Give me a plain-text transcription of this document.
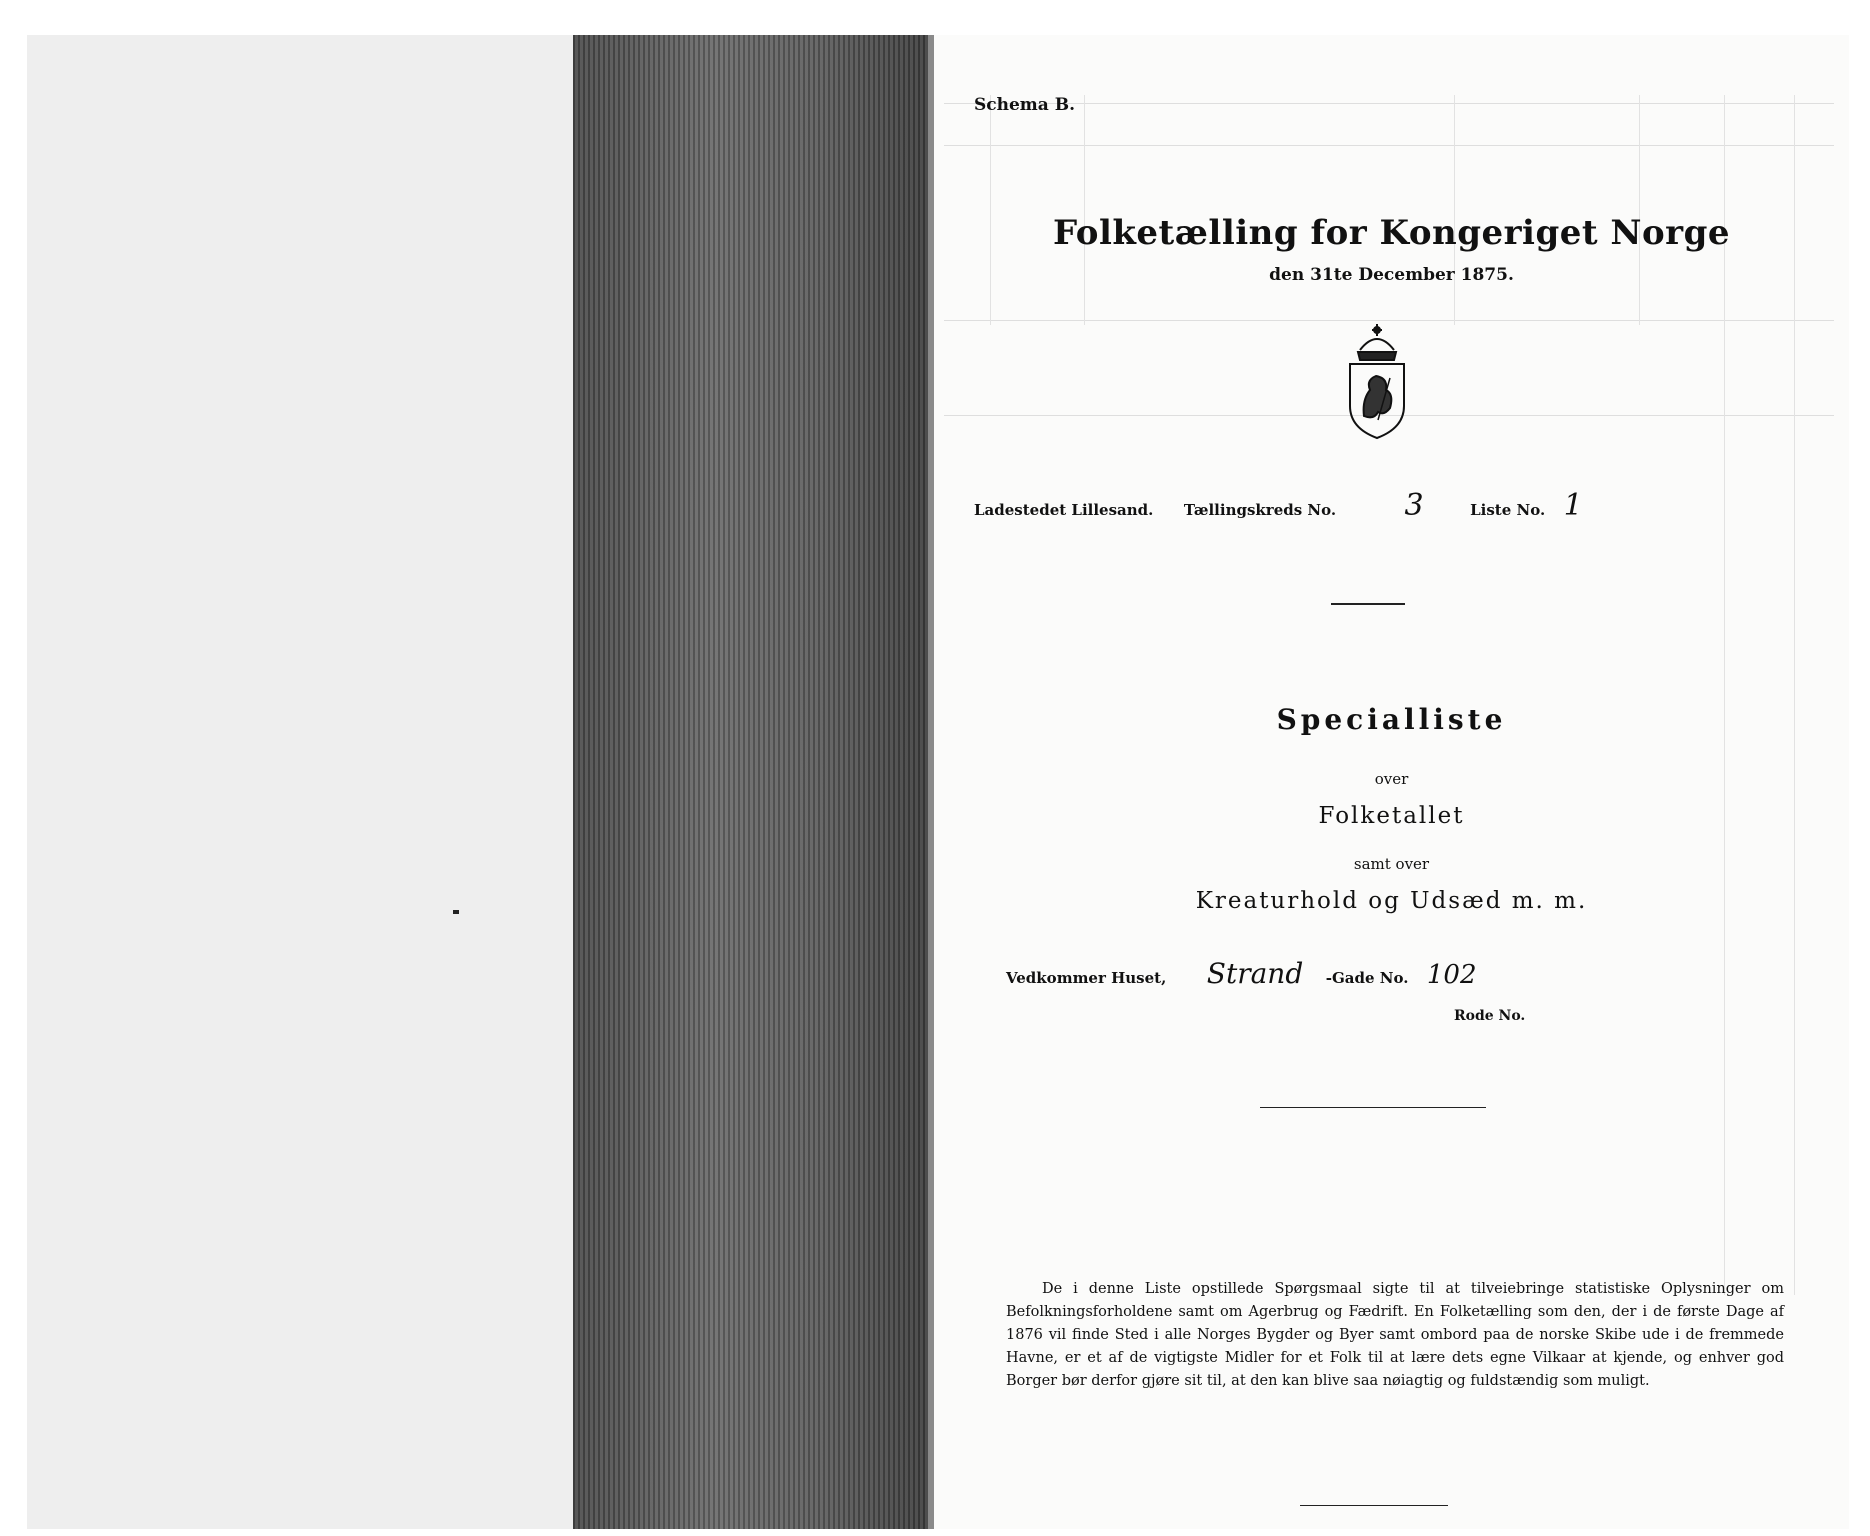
Schema B.
Folketælling for Kongeriget Norge
den 31te December 1875.
Ladestedet Lillesand. Tællingskreds No. 3	Liste No. 1
Specialliste
over
Folketallet
samt over
Kreaturhold og Udsæd m. m.
Vedkommer Huset, Strand -Gade No. 102
Rode No.
De i denne Liste opstillede Spørgsmaal sigte til at tilveiebringe statistiske Oplysninger om Befolkningsforholdene samt om Agerbrug og Fædrift. En Folketælling som den, der i de første Dage af 1876 vil finde Sted i alle Norges Bygder og Byer samt ombord paa de norske Skibe ude i de fremmede Havne, er et af de vigtigste Midler for et Folk til at lære dets egne Vilkaar at kjende, og enhver god Borger bør derfor gjøre sit til, at den kan blive saa nøiagtig og fuldstændig som muligt.
